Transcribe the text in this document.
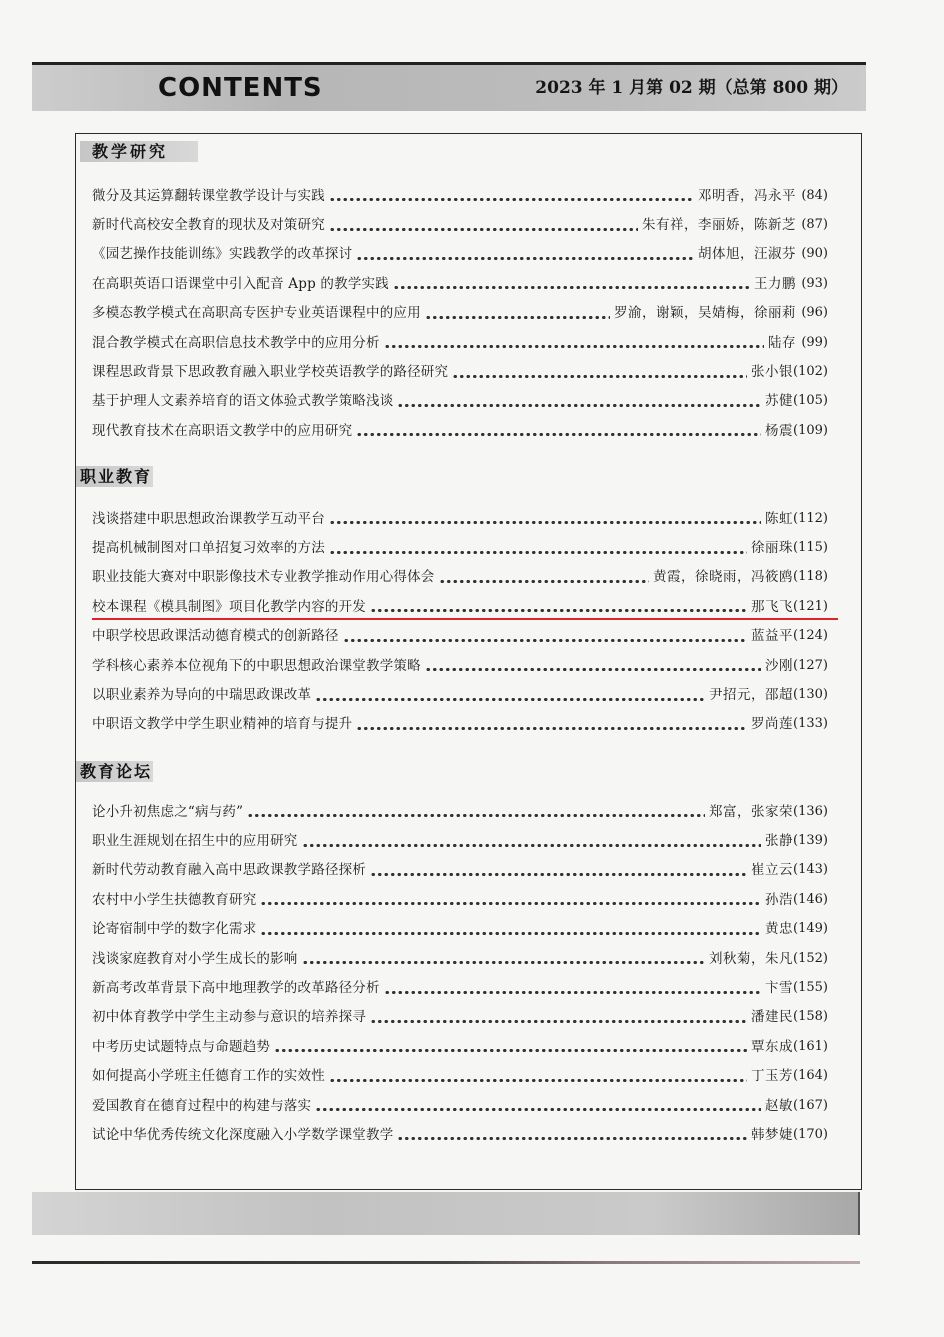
CONTENTS	2023 年 1 月第 02 期（总第 800 期）
教学研究
微分及其运算翻转课堂教学设计与实践	邓明香，冯永平 (84)
新时代高校安全教育的现状及对策研究	朱有祥，李丽娇，陈新芝 (87)
《园艺操作技能训练》实践教学的改革探讨	胡体旭，汪淑芬 (90)
在高职英语口语课堂中引入配音 App 的教学实践	王力鹏 (93)
多模态教学模式在高职高专医护专业英语课程中的应用	罗渝，谢颖，吴婧梅，徐丽莉 (96)
混合教学模式在高职信息技术教学中的应用分析	陆存 (99)
课程思政背景下思政教育融入职业学校英语教学的路径研究	张小银 (102)
基于护理人文素养培育的语文体验式教学策略浅谈	苏健 (105)
现代教育技术在高职语文教学中的应用研究	杨震 (109)
职业教育
浅谈搭建中职思想政治课教学互动平台	陈虹 (112)
提高机械制图对口单招复习效率的方法	徐丽珠 (115)
职业技能大赛对中职影像技术专业教学推动作用心得体会	黄霞，徐晓雨，冯筱鸥 (118)
校本课程《模具制图》项目化教学内容的开发	那飞飞 (121)
中职学校思政课活动德育模式的创新路径	蓝益平 (124)
学科核心素养本位视角下的中职思想政治课堂教学策略	沙刚 (127)
以职业素养为导向的中瑞思政课改革	尹招元，邵超 (130)
中职语文教学中学生职业精神的培育与提升	罗尚莲 (133)
教育论坛
论小升初焦虑之“病与药”	郑富，张家荣 (136)
职业生涯规划在招生中的应用研究	张静 (139)
新时代劳动教育融入高中思政课教学路径探析	崔立云 (143)
农村中小学生扶德教育研究	孙浩 (146)
论寄宿制中学的数字化需求	黄忠 (149)
浅谈家庭教育对小学生成长的影响	刘秋菊，朱凡 (152)
新高考改革背景下高中地理教学的改革路径分析	卞雪 (155)
初中体育教学中学生主动参与意识的培养探寻	潘建民 (158)
中考历史试题特点与命题趋势	覃东成 (161)
如何提高小学班主任德育工作的实效性	丁玉芳 (164)
爱国教育在德育过程中的构建与落实	赵敏 (167)
试论中华优秀传统文化深度融入小学数学课堂教学	韩梦婕 (170)
